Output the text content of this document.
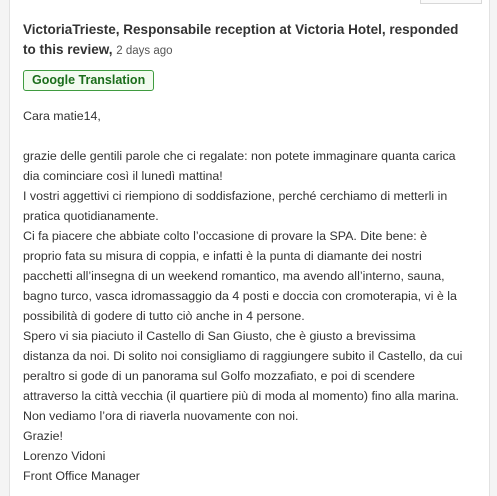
VictoriaTrieste, Responsabile reception at Victoria Hotel, responded to this review, 2 days ago
Google Translation

Cara matie14,

grazie delle gentili parole che ci regalate: non potete immaginare quanta carica dia cominciare così il lunedì mattina!

I vostri aggettivi ci riempiono di soddisfazione, perché cerchiamo di metterli in pratica quotidianamente.

Ci fa piacere che abbiate colto l’occasione di provare la SPA. Dite bene: è proprio fata su misura di coppia, e infatti è la punta di diamante dei nostri pacchetti all’insegna di un weekend romantico, ma avendo all’interno, sauna, bagno turco, vasca idromassaggio da 4 posti e doccia con cromoterapia, vi è la possibilità di godere di tutto ciò anche in 4 persone.

Spero vi sia piaciuto il Castello di San Giusto, che è giusto a brevissima distanza da noi. Di solito noi consigliamo di raggiungere subito il Castello, da cui peraltro si gode di un panorama sul Golfo mozzafiato, e poi di scendere attraverso la città vecchia (il quartiere più di moda al momento) fino alla marina.

Non vediamo l’ora di riaverla nuovamente con noi.

Grazie!

Lorenzo Vidoni

Front Office Manager
